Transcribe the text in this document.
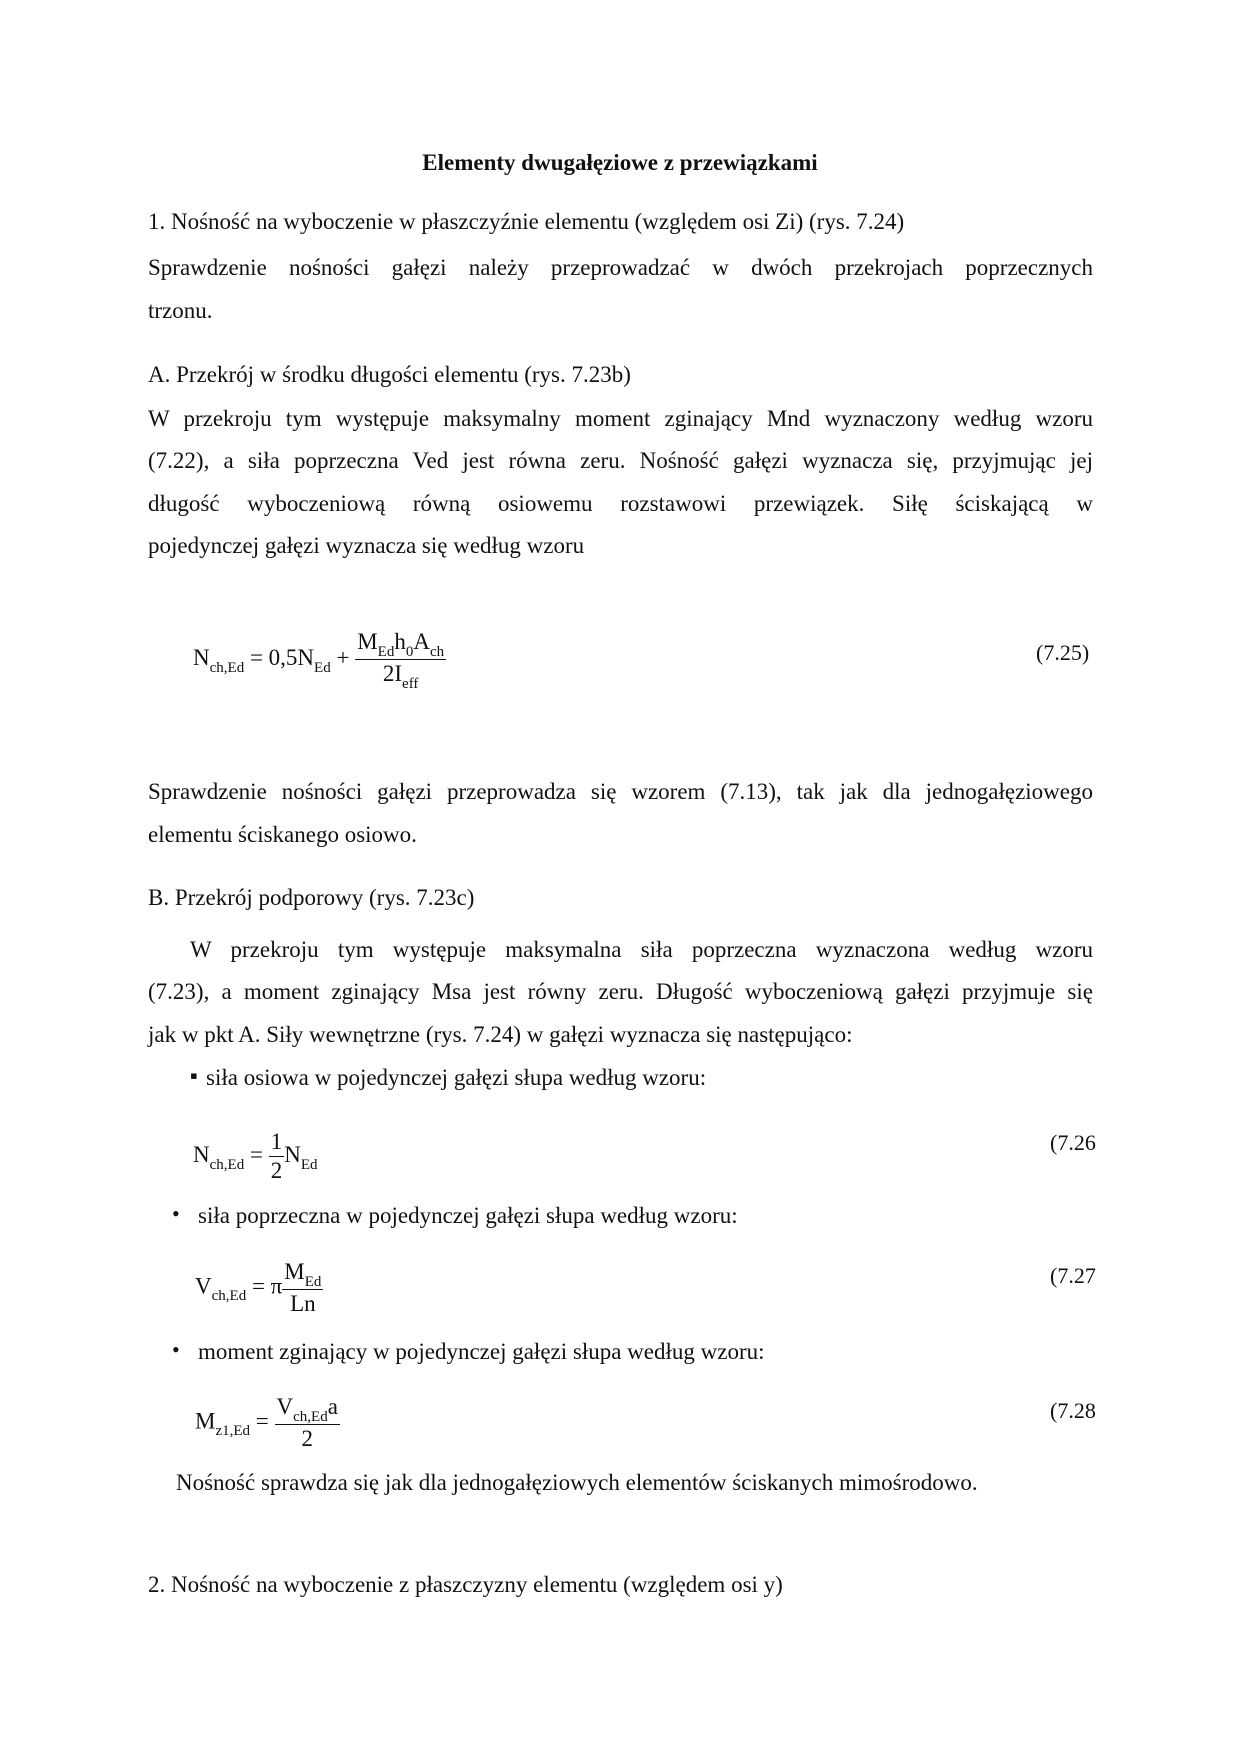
Elementy dwugałęziowe z przewiązkami
1. Nośność na wyboczenie w płaszczyźnie elementu (względem osi Zi) (rys. 7.24)
Sprawdzenie nośności gałęzi należy przeprowadzać w dwóch przekrojach poprzecznych
trzonu.
A. Przekrój w środku długości elementu (rys. 7.23b)
W przekroju tym występuje maksymalny moment zginający Mnd wyznaczony według wzoru
(7.22), a siła poprzeczna Ved jest równa zeru. Nośność gałęzi wyznacza się, przyjmując jej
długość wyboczeniową równą osiowemu rozstawowi przewiązek. Siłę ściskającą w
pojedynczej gałęzi wyznacza się według wzoru
$N_{ch,Ed} = 0,5N_{Ed} + \frac{M_{Ed}h_0A_{ch}}{2I_{eff}}$	(7.25)
Sprawdzenie nośności gałęzi przeprowadza się wzorem (7.13), tak jak dla jednogałęziowego
elementu ściskanego osiowo.
B. Przekrój podporowy (rys. 7.23c)
W przekroju tym występuje maksymalna siła poprzeczna wyznaczona według wzoru
(7.23), a moment zginający Msa jest równy zeru. Długość wyboczeniową gałęzi przyjmuje się
jak w pkt A. Siły wewnętrzne (rys. 7.24) w gałęzi wyznacza się następująco:
▪ siła osiowa w pojedynczej gałęzi słupa według wzoru:
$N_{ch,Ed} = \frac{1}{2} N_{Ed}$
(7.26
• siła poprzeczna w pojedynczej gałęzi słupa według wzoru:
$V_{ch,Ed} = \pi \frac{M_{Ed}}{Ln}$	(7.27
• moment zginający w pojedynczej gałęzi słupa według wzoru:
$M_{z1,Ed} = \frac{V_{ch,Ed}a}{2}$	(7.28
Nośność sprawdza się jak dla jednogałęziowych elementów ściskanych mimośrodowo.
2. Nośność na wyboczenie z płaszczyzny elementu (względem osi y)
